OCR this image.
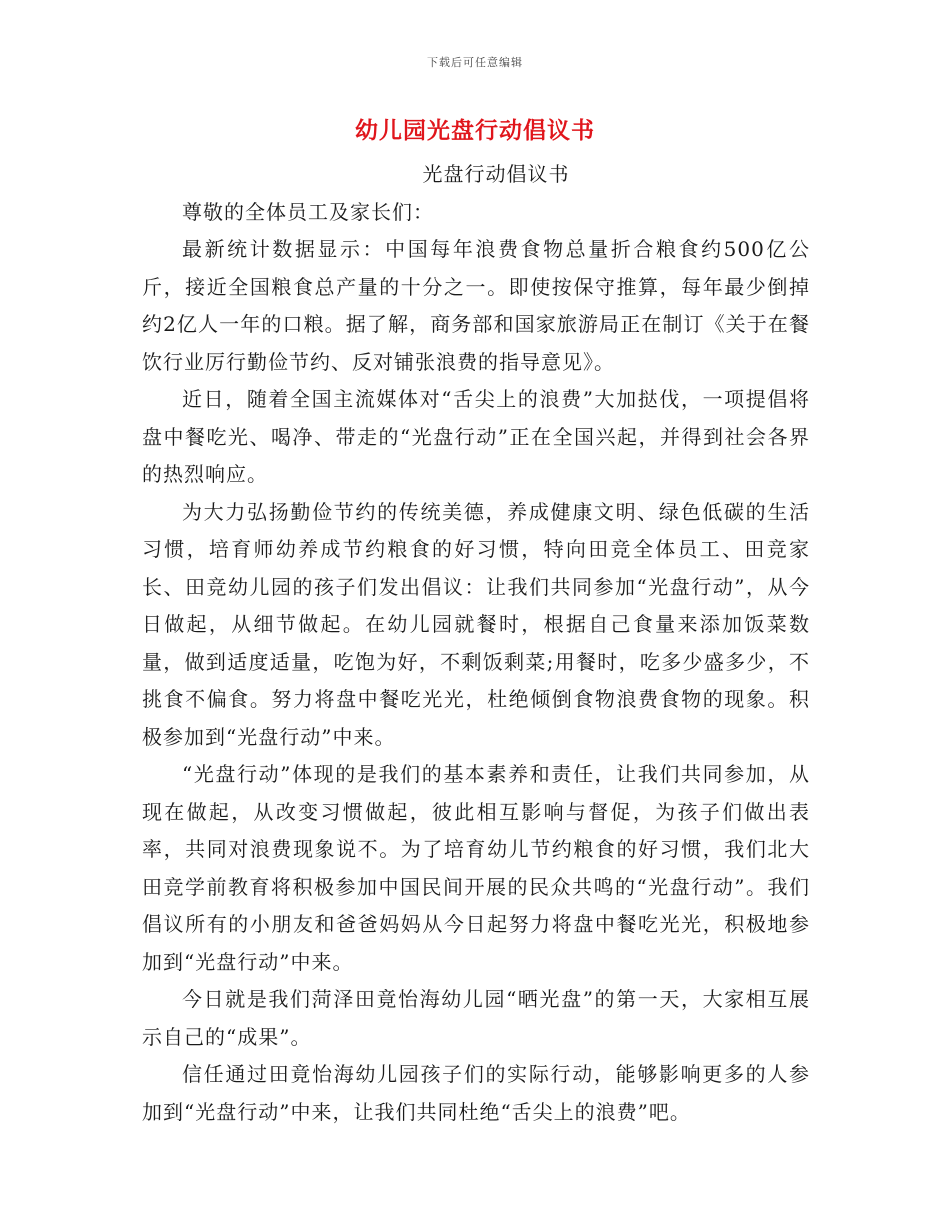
下载后可任意编辑
幼儿园光盘行动倡议书

光盘行动倡议书

尊敬的全体员工及家长们：

最新统计数据显示：中国每年浪费食物总量折合粮食约500亿公斤，接近全国粮食总产量的十分之一。即使按保守推算，每年最少倒掉约2亿人一年的口粮。据了解，商务部和国家旅游局正在制订《关于在餐饮行业厉行勤俭节约、反对铺张浪费的指导意见》。

近日，随着全国主流媒体对“舌尖上的浪费”大加挞伐，一项提倡将盘中餐吃光、喝净、带走的“光盘行动”正在全国兴起，并得到社会各界的热烈响应。

为大力弘扬勤俭节约的传统美德，养成健康文明、绿色低碳的生活习惯，培育师幼养成节约粮食的好习惯，特向田竞全体员工、田竞家长、田竞幼儿园的孩子们发出倡议：让我们共同参加“光盘行动”，从今日做起，从细节做起。在幼儿园就餐时，根据自己食量来添加饭菜数量，做到适度适量，吃饱为好，不剩饭剩菜;用餐时，吃多少盛多少，不挑食不偏食。努力将盘中餐吃光光，杜绝倾倒食物浪费食物的现象。积极参加到“光盘行动”中来。

“光盘行动”体现的是我们的基本素养和责任，让我们共同参加，从现在做起，从改变习惯做起，彼此相互影响与督促，为孩子们做出表率，共同对浪费现象说不。为了培育幼儿节约粮食的好习惯，我们北大田竞学前教育将积极参加中国民间开展的民众共鸣的“光盘行动”。我们倡议所有的小朋友和爸爸妈妈从今日起努力将盘中餐吃光光，积极地参加到“光盘行动”中来。

今日就是我们菏泽田竟怡海幼儿园“晒光盘”的第一天，大家相互展示自己的“成果”。

信任通过田竟怡海幼儿园孩子们的实际行动，能够影响更多的人参加到“光盘行动”中来，让我们共同杜绝“舌尖上的浪费”吧。
